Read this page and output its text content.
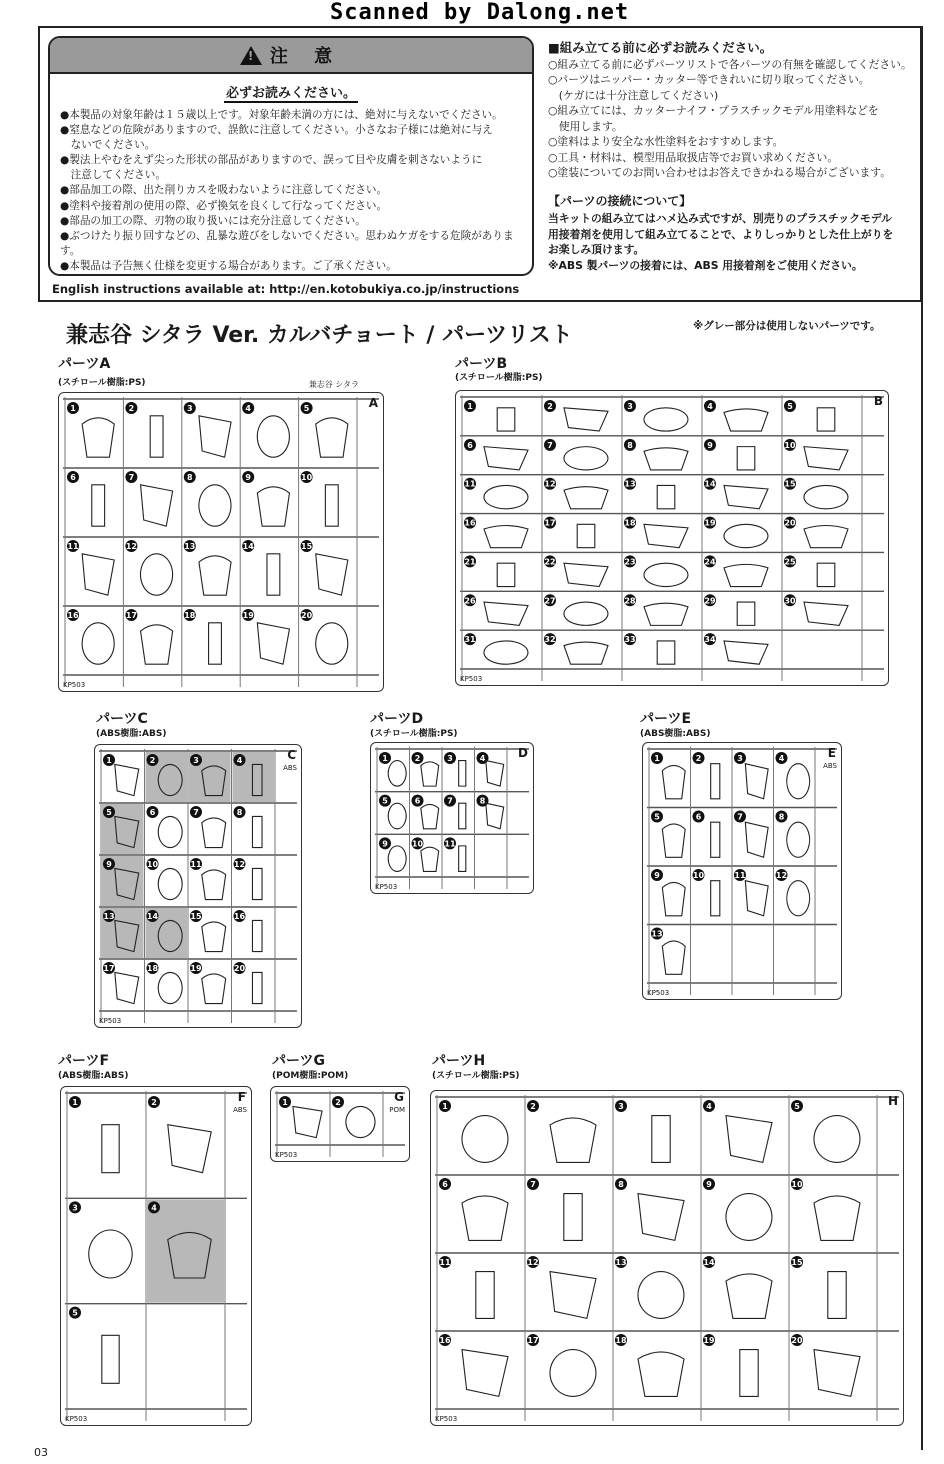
Scanned by Dalong.net
! 注 意
必ずお読みください。
●本製品の対象年齢は１５歳以上です。対象年齢未満の方には、絶対に与えないでください。
●窒息などの危険がありますので、誤飲に注意してください。小さなお子様には絶対に与え
　ないでください。
●製法上やむをえず尖った形状の部品がありますので、誤って目や皮膚を刺さないように
　注意してください。
●部品加工の際、出た削りカスを吸わないように注意してください。
●塗料や接着剤の使用の際、必ず換気を良くして行なってください。
●部品の加工の際、刃物の取り扱いには充分注意してください。
●ぶつけたり振り回すなどの、乱暴な遊びをしないでください。思わぬケガをする危険があります。
●本製品は予告無く仕様を変更する場合があります。ご了承ください。
English instructions available at: http://en.kotobukiya.co.jp/instructions
■組み立てる前に必ずお読みください。
○組み立てる前に必ずパーツリストで各パーツの有無を確認してください。
○パーツはニッパー・カッター等できれいに切り取ってください。
　(ケガには十分注意してください)
○組み立てには、カッターナイフ・プラスチックモデル用塗料などを
　使用します。
○塗料はより安全な水性塗料をおすすめします。
○工具・材料は、模型用品取扱店等でお買い求めください。
○塗装についてのお問い合わせはお答えできかねる場合がございます。
【パーツの接続について】
当キットの組み立てはハメ込み式ですが、別売りのプラスチックモデル
用接着剤を使用して組み立てることで、よりしっかりとした仕上がりを
お楽しみ頂けます。
※ABS 製パーツの接着には、ABS 用接着剤をご使用ください。
兼志谷 シタラ Ver. カルバチョート / パーツリスト	※グレー部分は使用しないパーツです。
パーツA
(スチロール樹脂:PS)
1	2	3	4	5
6	7	8	9	10
11	12	13	14	15
16	17	18	19	20
A
KP503
兼志谷 シタラ
パーツB
(スチロール樹脂:PS)
1	2	3	4	5
6	7	8	9	10
11	12	13	14	15
16	17	18	19	20
21	22	23	24	25
26	27	28	29	30
31	32	33	34
B
KP503
パーツC
(ABS樹脂:ABS)
1	2	3	4
5	6	7	8
9	10	11	12
13	14	15	16
17	18	19	20
C
ABS
KP503
パーツD
(スチロール樹脂:PS)
1	2	3	4
5	6	7	8
9	10	11
D
KP503
パーツE
(ABS樹脂:ABS)
1	2	3	4
5	6	7	8
9	10	11	12
13
E
ABS
KP503
パーツF
(ABS樹脂:ABS)
1	2
3	4
5
F
ABS
KP503
パーツG
(POM樹脂:POM)
1	2	G
POM
KP503
パーツH
(スチロール樹脂:PS)
1	2	3	4	5
6	7	8	9	10
11	12	13	14	15
16	17	18	19	20
H
KP503
03
